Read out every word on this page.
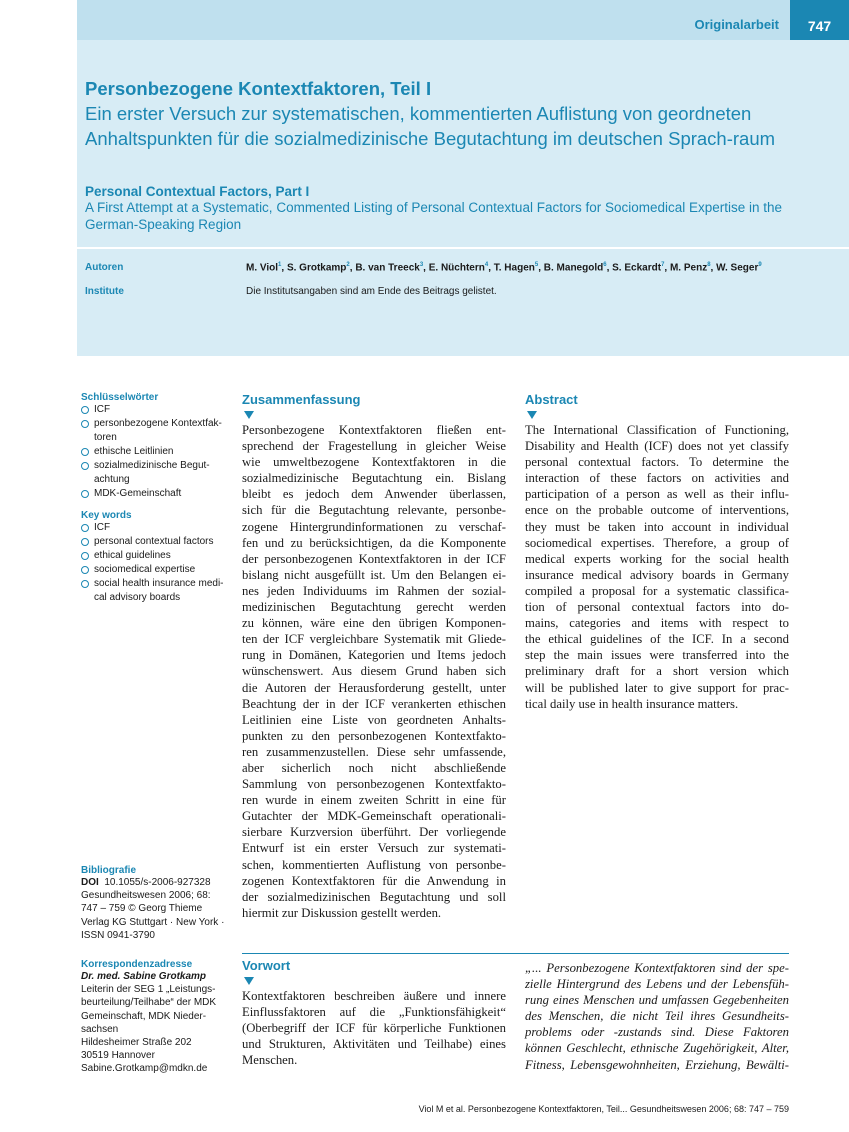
Originalarbeit	747
Personbezogene Kontextfaktoren, Teil I
Ein erster Versuch zur systematischen, kommentierten Auflistung von geordneten Anhaltspunkten für die sozialmedizinische Begutachtung im deutschen Sprach-raum
Personal Contextual Factors, Part I
A First Attempt at a Systematic, Commented Listing of Personal Contextual Factors for Sociomedical Expertise in the German-Speaking Region
Autoren	M. Viol$^1$, S. Grotkamp$^2$, B. van Treeck$^3$, E. Nüchtern$^4$, T. Hagen$^5$, B. Manegold$^6$, S. Eckardt$^7$, M. Penz$^8$, W. Seger$^9$
Institute	Die Institutsangaben sind am Ende des Beitrags gelistet.
Schlüsselwörter
ICF
personbezogene Kontextfak-toren
ethische Leitlinien
sozialmedizinische Begut-achtung
MDK-Gemeinschaft
Key words
ICF
personal contextual factors
ethical guidelines
sociomedical expertise
social health insurance medi-cal advisory boards
Bibliografie
DOI 10.1055/s-2006-927328
Gesundheitswesen 2006; 68:
747 – 759 © Georg Thieme
Verlag KG Stuttgart · New York ·
ISSN 0941-3790
Korrespondenzadresse
Dr. med. Sabine Grotkamp
Leiterin der SEG 1 „Leistungs-
beurteilung/Teilhabe“ der MDK
Gemeinschaft, MDK Nieder-
sachsen
Hildesheimer Straße 202
30519 Hannover
Sabine.Grotkamp@mdkn.de
Zusammenfassung
Personbezogene Kontextfaktoren fließen ent-
sprechend der Fragestellung in gleicher Weise
wie umweltbezogene Kontextfaktoren in die
sozialmedizinische Begutachtung ein. Bislang
bleibt es jedoch dem Anwender überlassen,
sich für die Begutachtung relevante, personbe-
zogene Hintergrundinformationen zu verschaf-
fen und zu berücksichtigen, da die Komponente
der personbezogenen Kontextfaktoren in der ICF
bislang nicht ausgefüllt ist. Um den Belangen ei-
nes jeden Individuums im Rahmen der sozial-
medizinischen Begutachtung gerecht werden
zu können, wäre eine den übrigen Komponen-
ten der ICF vergleichbare Systematik mit Gliede-
rung in Domänen, Kategorien und Items jedoch
wünschenswert. Aus diesem Grund haben sich
die Autoren der Herausforderung gestellt, unter
Beachtung der in der ICF verankerten ethischen
Leitlinien eine Liste von geordneten Anhalts-
punkten zu den personbezogenen Kontextfakto-
ren zusammenzustellen. Diese sehr umfassende,
aber sicherlich noch nicht abschließende
Sammlung von personbezogenen Kontextfakto-
ren wurde in einem zweiten Schritt in eine für
Gutachter der MDK-Gemeinschaft operationali-
sierbare Kurzversion überführt. Der vorliegende
Entwurf ist ein erster Versuch zur systemati-
schen, kommentierten Auflistung von personbe-
zogenen Kontextfaktoren für die Anwendung in
der sozialmedizinischen Begutachtung und soll
hiermit zur Diskussion gestellt werden.
Abstract
The International Classification of Functioning,
Disability and Health (ICF) does not yet classify
personal contextual factors. To determine the
interaction of these factors on activities and
participation of a person as well as their influ-
ence on the probable outcome of interventions,
they must be taken into account in individual
sociomedical expertises. Therefore, a group of
medical experts working for the social health
insurance medical advisory boards in Germany
compiled a proposal for a systematic classifica-
tion of personal contextual factors into do-
mains, categories and items with respect to
the ethical guidelines of the ICF. In a second
step the main issues were transferred into the
preliminary draft for a short version which
will be published later to give support for prac-
tical daily use in health insurance matters.
Vorwort
Kontextfaktoren beschreiben äußere und innere
Einflussfaktoren auf die „Funktionsfähigkeit“
(Oberbegriff der ICF für körperliche Funktionen
und Strukturen, Aktivitäten und Teilhabe) eines
Menschen.
„... Personbezogene Kontextfaktoren sind der spe-
zielle Hintergrund des Lebens und der Lebensfüh-
rung eines Menschen und umfassen Gegebenheiten
des Menschen, die nicht Teil ihres Gesundheits-
problems oder -zustands sind. Diese Faktoren
können Geschlecht, ethnische Zugehörigkeit, Alter,
Fitness, Lebensgewohnheiten, Erziehung, Bewälti-
Viol M et al. Personbezogene Kontextfaktoren, Teil... Gesundheitswesen 2006; 68: 747 – 759
